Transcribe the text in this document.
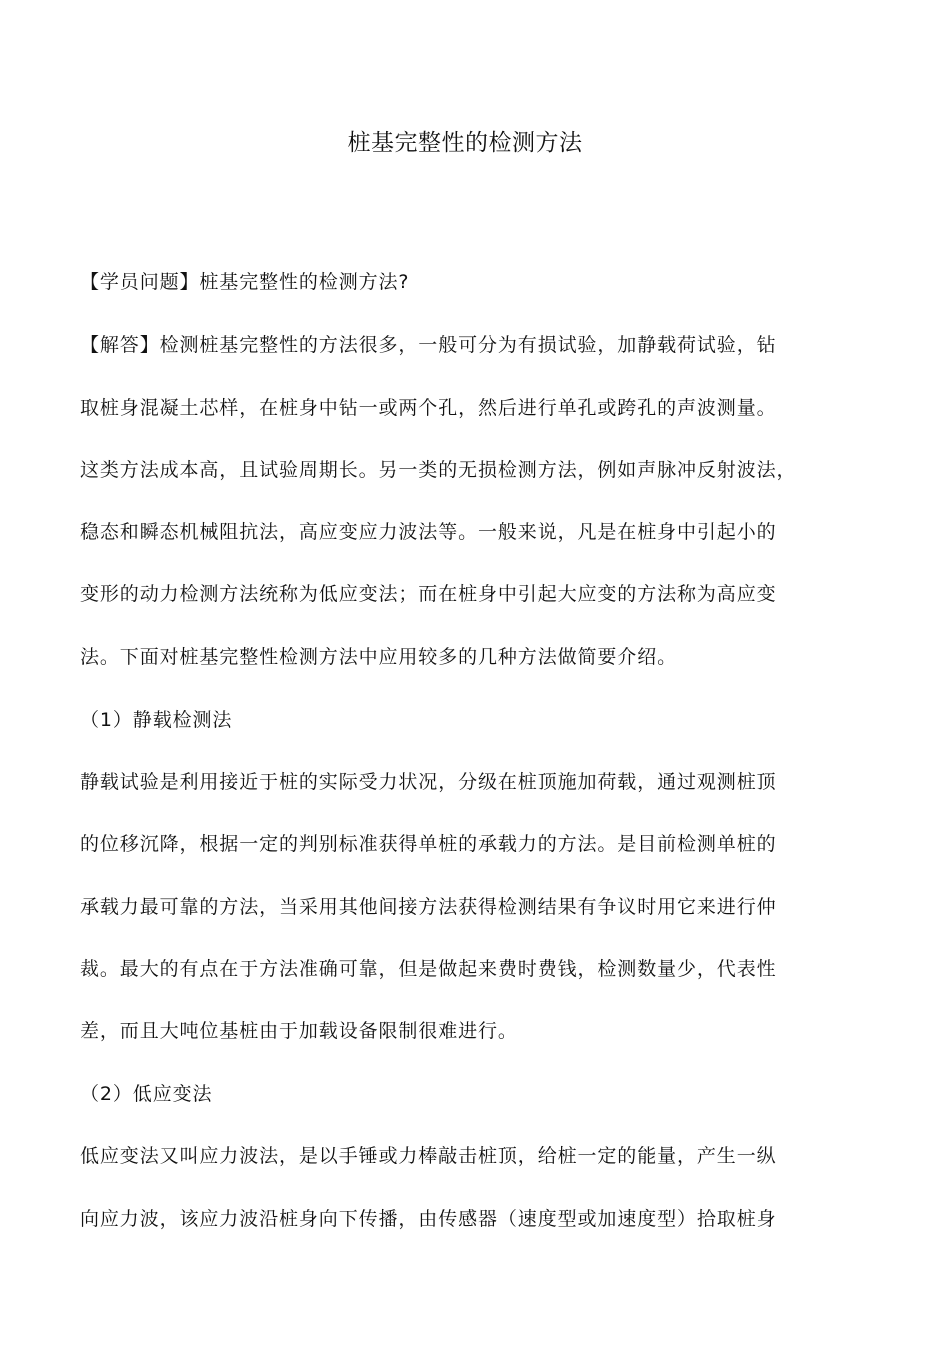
桩基完整性的检测方法
【学员问题】桩基完整性的检测方法?
【解答】检测桩基完整性的方法很多，一般可分为有损试验，加静载荷试验，钻
取桩身混凝土芯样，在桩身中钻一或两个孔，然后进行单孔或跨孔的声波测量。
这类方法成本高，且试验周期长。另一类的无损检测方法，例如声脉冲反射波法，
稳态和瞬态机械阻抗法，高应变应力波法等。一般来说，凡是在桩身中引起小的
变形的动力检测方法统称为低应变法；而在桩身中引起大应变的方法称为高应变
法。下面对桩基完整性检测方法中应用较多的几种方法做简要介绍。
（1）静载检测法
静载试验是利用接近于桩的实际受力状况，分级在桩顶施加荷载，通过观测桩顶
的位移沉降，根据一定的判别标准获得单桩的承载力的方法。是目前检测单桩的
承载力最可靠的方法，当采用其他间接方法获得检测结果有争议时用它来进行仲
裁。最大的有点在于方法准确可靠，但是做起来费时费钱，检测数量少，代表性
差，而且大吨位基桩由于加载设备限制很难进行。
（2）低应变法
低应变法又叫应力波法，是以手锤或力棒敲击桩顶，给桩一定的能量，产生一纵
向应力波，该应力波沿桩身向下传播，由传感器（速度型或加速度型）拾取桩身
